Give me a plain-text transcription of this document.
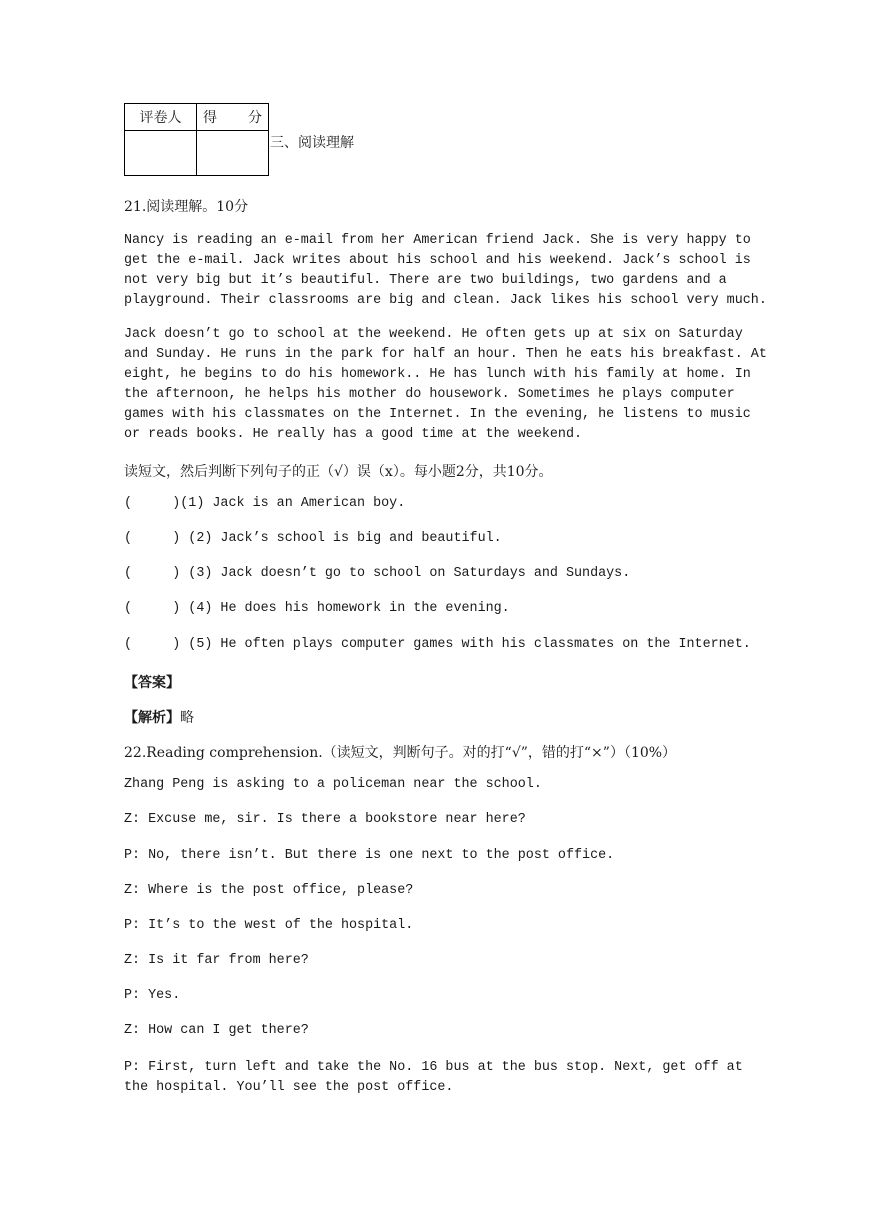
评卷人	得 分

三、阅读理解
21.阅读理解。10分

Nancy is reading an e-mail from her American friend Jack. She is very happy to

get the e-mail. Jack writes about his school and his weekend. Jack’s school is

not very big but it’s beautiful. There are two buildings, two gardens and a

playground. Their classrooms are big and clean. Jack likes his school very much.

Jack doesn’t go to school at the weekend. He often gets up at six on Saturday

and Sunday. He runs in the park for half an hour. Then he eats his breakfast. At

eight, he begins to do his homework.. He has lunch with his family at home. In

the afternoon, he helps his mother do housework. Sometimes he plays computer

games with his classmates on the Internet. In the evening, he listens to music

or reads books. He really has a good time at the weekend.

读短文，然后判断下列句子的正（√）误（x）。每小题2分，共10分。
(     )(1) Jack is an American boy.
(     ) (2) Jack’s school is big and beautiful.
(     ) (3) Jack doesn’t go to school on Saturdays and Sundays.
(     ) (4) He does his homework in the evening.
(     ) (5) He often plays computer games with his classmates on the Internet.
【答案】
【解析】略
22.Reading comprehension.（读短文，判断句子。对的打“√”，错的打“×”）（10%）
Zhang Peng is asking to a policeman near the school.
Z: Excuse me, sir. Is there a bookstore near here?
P: No, there isn’t. But there is one next to the post office.
Z: Where is the post office, please?
P: It’s to the west of the hospital.
Z: Is it far from here?
P: Yes.
Z: How can I get there?

P: First, turn left and take the No. 16 bus at the bus stop. Next, get off at

the hospital. You’ll see the post office.
